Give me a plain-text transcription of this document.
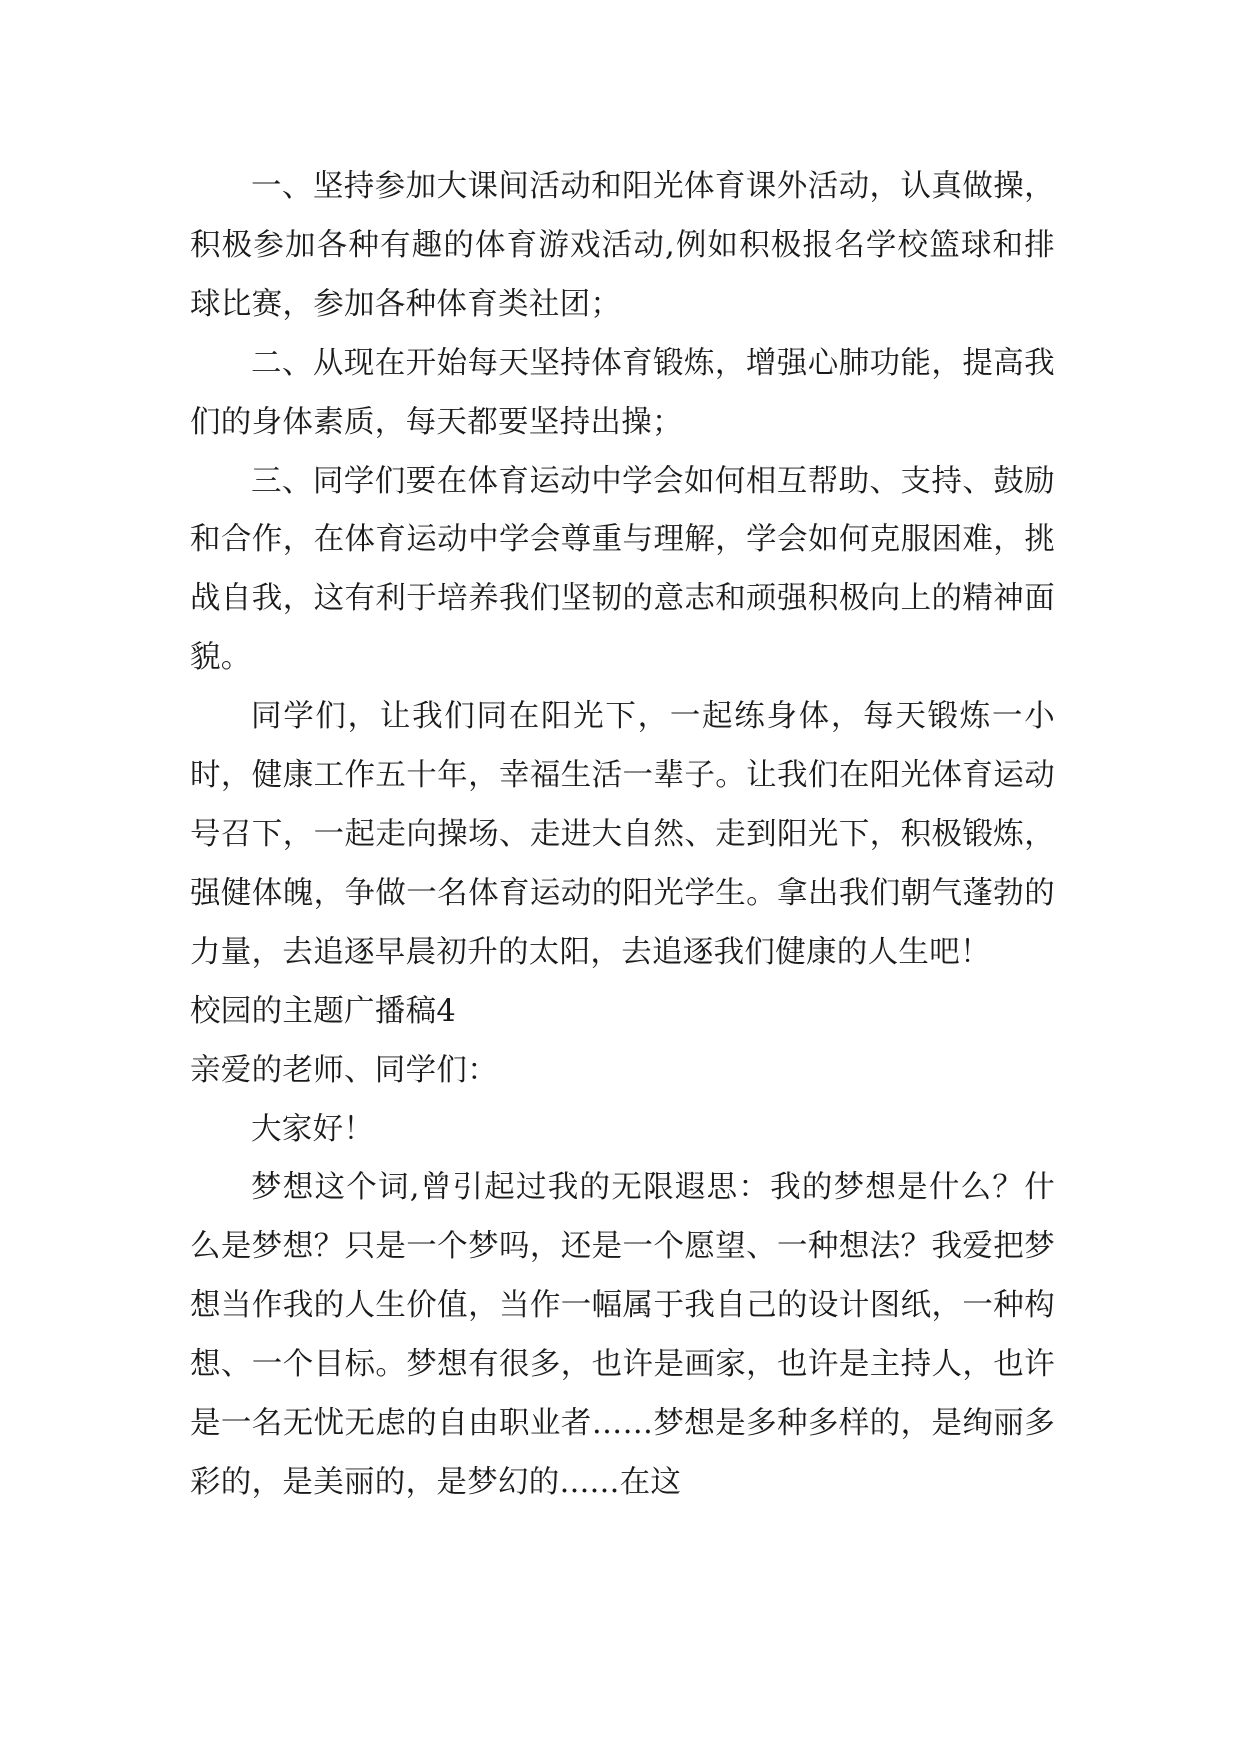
一、坚持参加大课间活动和阳光体育课外活动，认真做操，积极参加各种有趣的体育游戏活动,例如积极报名学校篮球和排球比赛，参加各种体育类社团；

二、从现在开始每天坚持体育锻炼，增强心肺功能，提高我们的身体素质，每天都要坚持出操；

三、同学们要在体育运动中学会如何相互帮助、支持、鼓励和合作，在体育运动中学会尊重与理解，学会如何克服困难，挑战自我，这有利于培养我们坚韧的意志和顽强积极向上的精神面貌。

同学们，让我们同在阳光下，一起练身体，每天锻炼一小时，健康工作五十年，幸福生活一辈子。让我们在阳光体育运动号召下，一起走向操场、走进大自然、走到阳光下，积极锻炼，强健体魄，争做一名体育运动的阳光学生。拿出我们朝气蓬勃的力量，去追逐早晨初升的太阳，去追逐我们健康的人生吧！

校园的主题广播稿4

亲爱的老师、同学们：

大家好！

梦想这个词,曾引起过我的无限遐思：我的梦想是什么？什么是梦想？只是一个梦吗，还是一个愿望、一种想法？我爱把梦想当作我的人生价值，当作一幅属于我自己的设计图纸，一种构想、一个目标。梦想有很多，也许是画家，也许是主持人，也许是一名无忧无虑的自由职业者……梦想是多种多样的，是绚丽多彩的，是美丽的，是梦幻的......在这
